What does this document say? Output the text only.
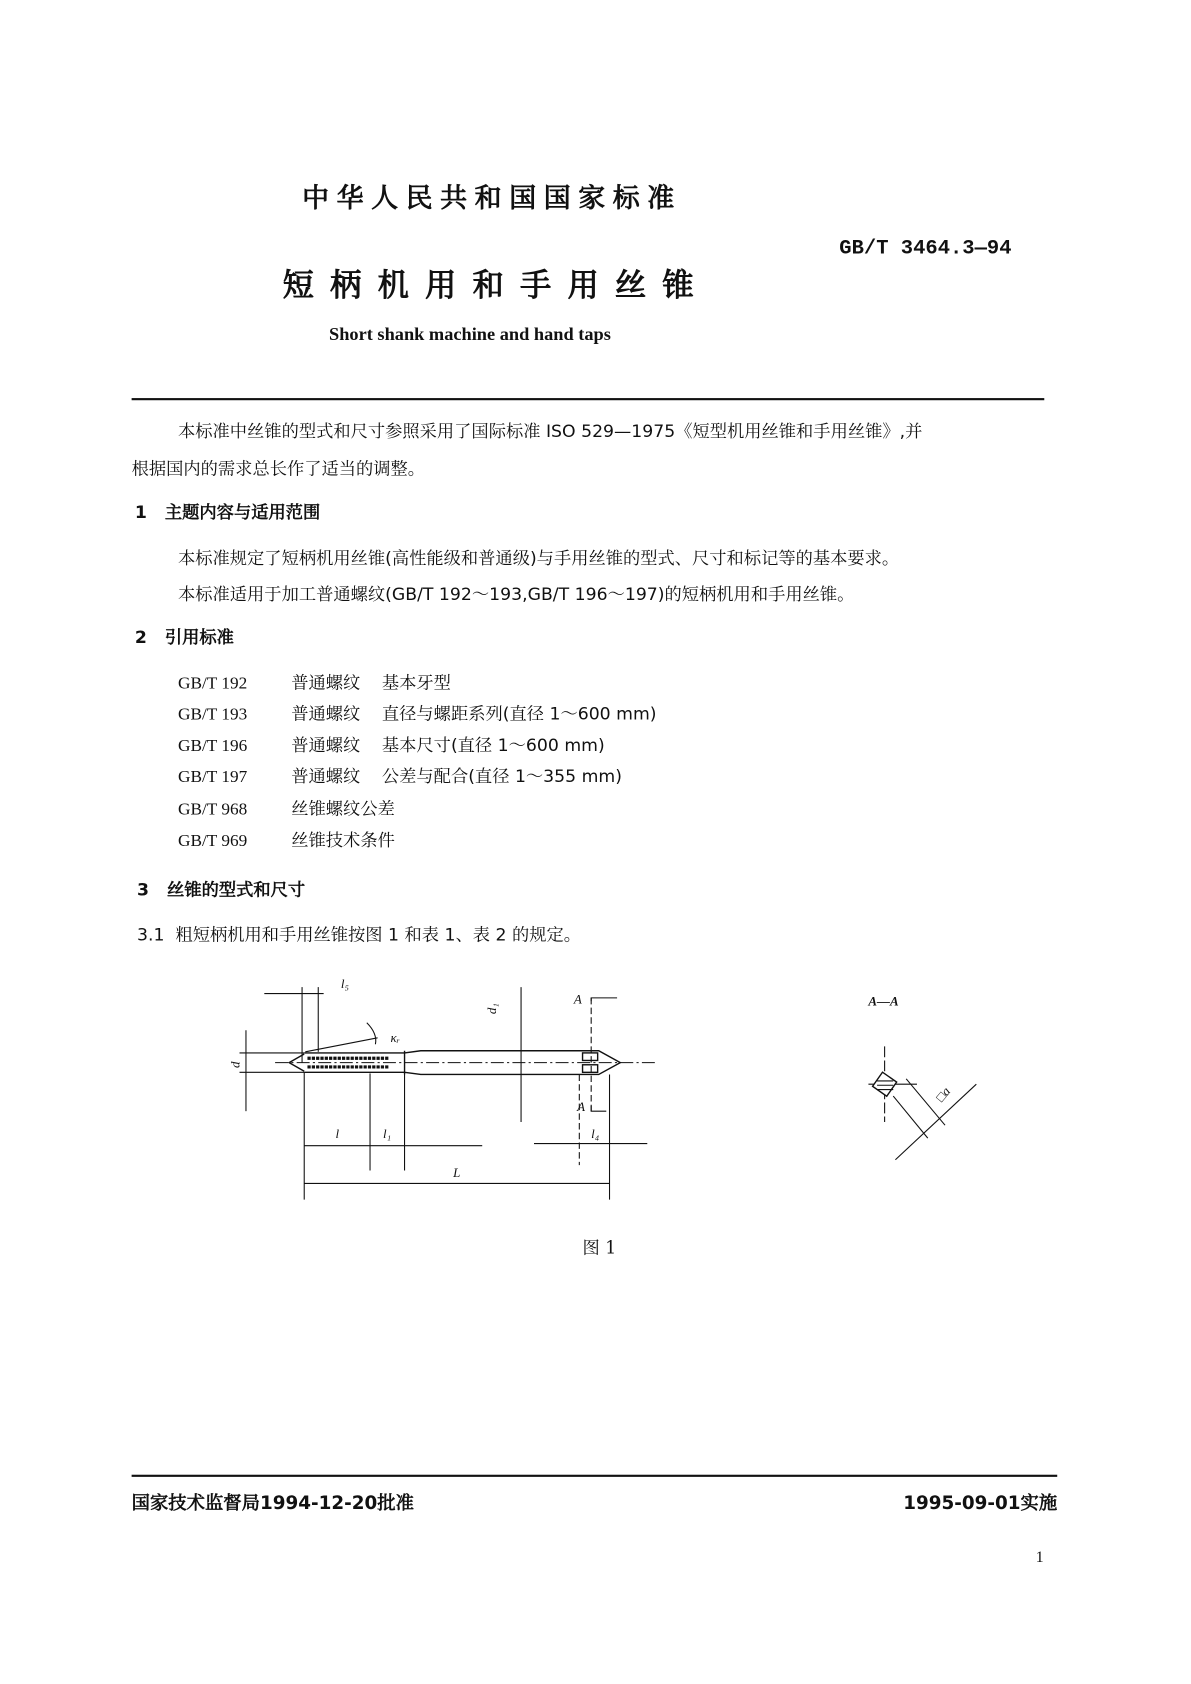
中华人民共和国国家标准
GB/T 3464.3—94
短柄机用和手用丝锥
Short shank machine and hand taps
本标准中丝锥的型式和尺寸参照采用了国际标准 ISO 529—1975《短型机用丝锥和手用丝锥》,并
根据国内的需求总长作了适当的调整。
1 主题内容与适用范围
本标准规定了短柄机用丝锥(高性能级和普通级)与手用丝锥的型式、尺寸和标记等的基本要求。
本标准适用于加工普通螺纹(GB/T 192～193,GB/T 196～197)的短柄机用和手用丝锥。
2 引用标准
GB/T 192	普通螺纹 基本牙型
GB/T 193	普通螺纹 直径与螺距系列(直径 1～600 mm)
GB/T 196	普通螺纹 基本尺寸(直径 1～600 mm)
GB/T 197	普通螺纹 公差与配合(直径 1～355 mm)
GB/T 968	丝锥螺纹公差
GB/T 969	丝锥技术条件
3 丝锥的型式和尺寸
3.1 粗短柄机用和手用丝锥按图 1 和表 1、表 2 的规定。
l₅
d₁
κᵣ
d
A
A
l	l₁	l₄
L
A—A
□a
图 1
国家技术监督局1994-12-20批准	1995-09-01实施
1
